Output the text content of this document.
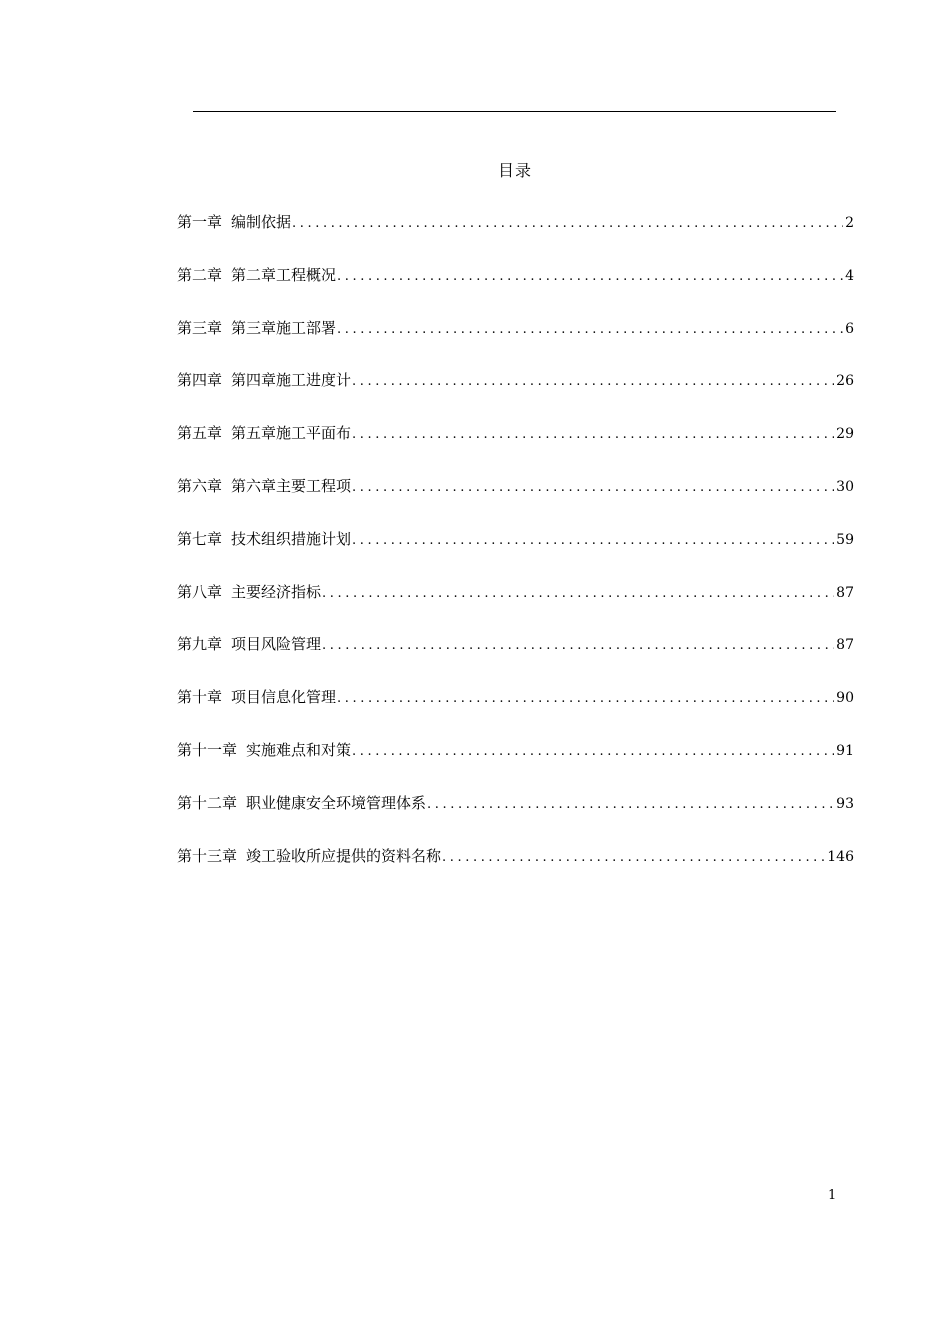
目录
第一章 编制依据 .....	2
第二章 第二章工程概况 .....	4
第三章 第三章施工部署 .....	6
第四章 第四章施工进度计 .....	26
第五章 第五章施工平面布 .....	29
第六章 第六章主要工程项 .....	30
第七章 技术组织措施计划 .....	59
第八章 主要经济指标 .....	87
第九章 项目风险管理 .....	87
第十章 项目信息化管理 .....	90
第十一章 实施难点和对策 .....	91
第十二章 职业健康安全环境管理体系 .....	93
第十三章 竣工验收所应提供的资料名称 .....	146
1
